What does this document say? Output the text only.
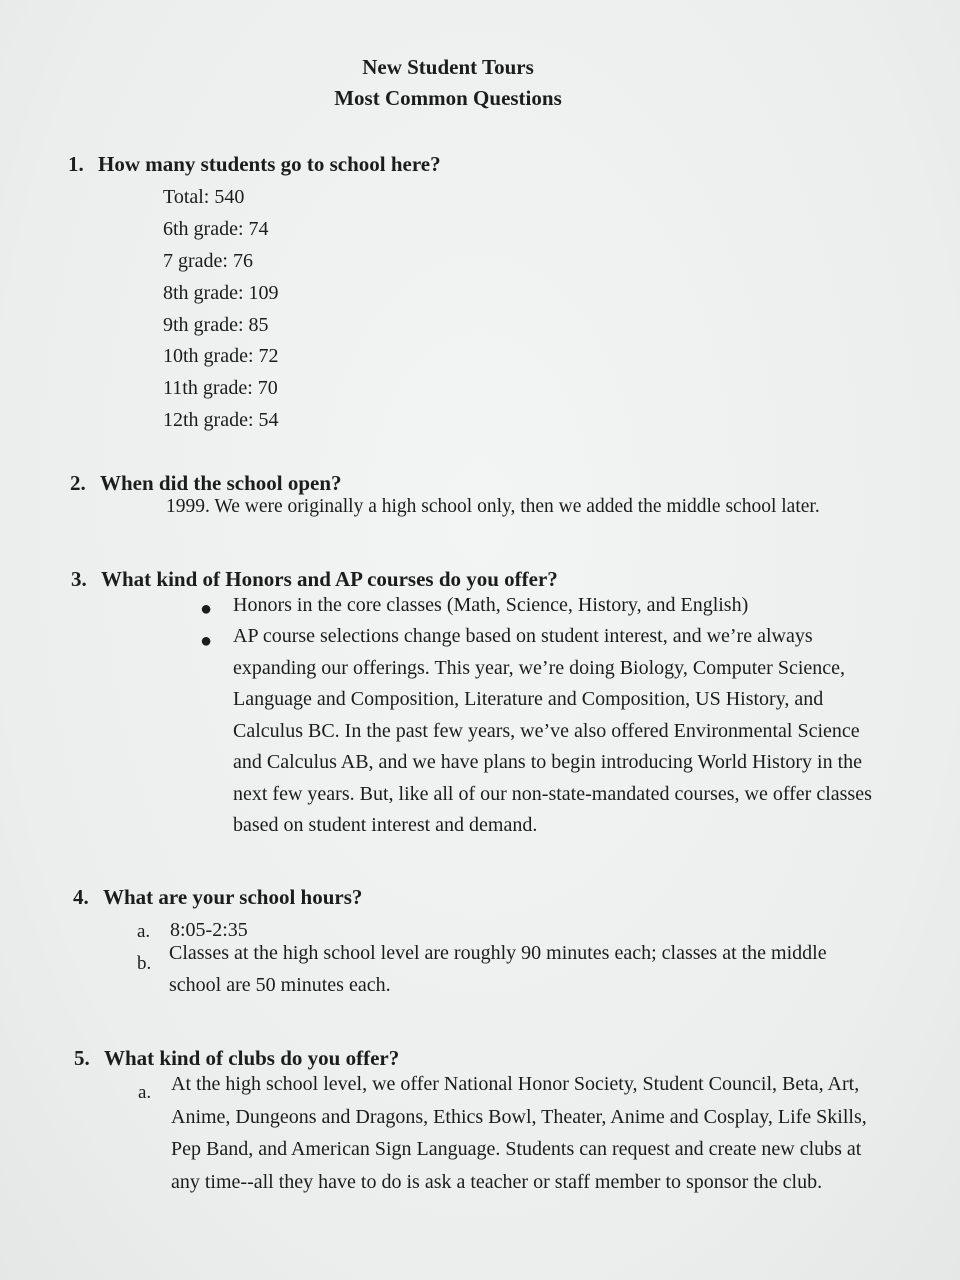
New Student Tours
Most Common Questions
1. How many students go to school here?
Total: 540
6th grade: 74
7 grade: 76
8th grade: 109
9th grade: 85
10th grade: 72
11th grade: 70
12th grade: 54
2. When did the school open?
1999. We were originally a high school only, then we added the middle school later.
3. What kind of Honors and AP courses do you offer?
● Honors in the core classes (Math, Science, History, and English)
● AP course selections change based on student interest, and we’re always expanding our offerings. This year, we’re doing Biology, Computer Science, Language and Composition, Literature and Composition, US History, and Calculus BC. In the past few years, we’ve also offered Environmental Science and Calculus AB, and we have plans to begin introducing World History in the next few years. But, like all of our non-state-mandated courses, we offer classes based on student interest and demand.
4. What are your school hours?
a. 8:05-2:35
b. Classes at the high school level are roughly 90 minutes each; classes at the middle school are 50 minutes each.
5. What kind of clubs do you offer?
a. At the high school level, we offer National Honor Society, Student Council, Beta, Art, Anime, Dungeons and Dragons, Ethics Bowl, Theater, Anime and Cosplay, Life Skills, Pep Band, and American Sign Language. Students can request and create new clubs at any time--all they have to do is ask a teacher or staff member to sponsor the club.
